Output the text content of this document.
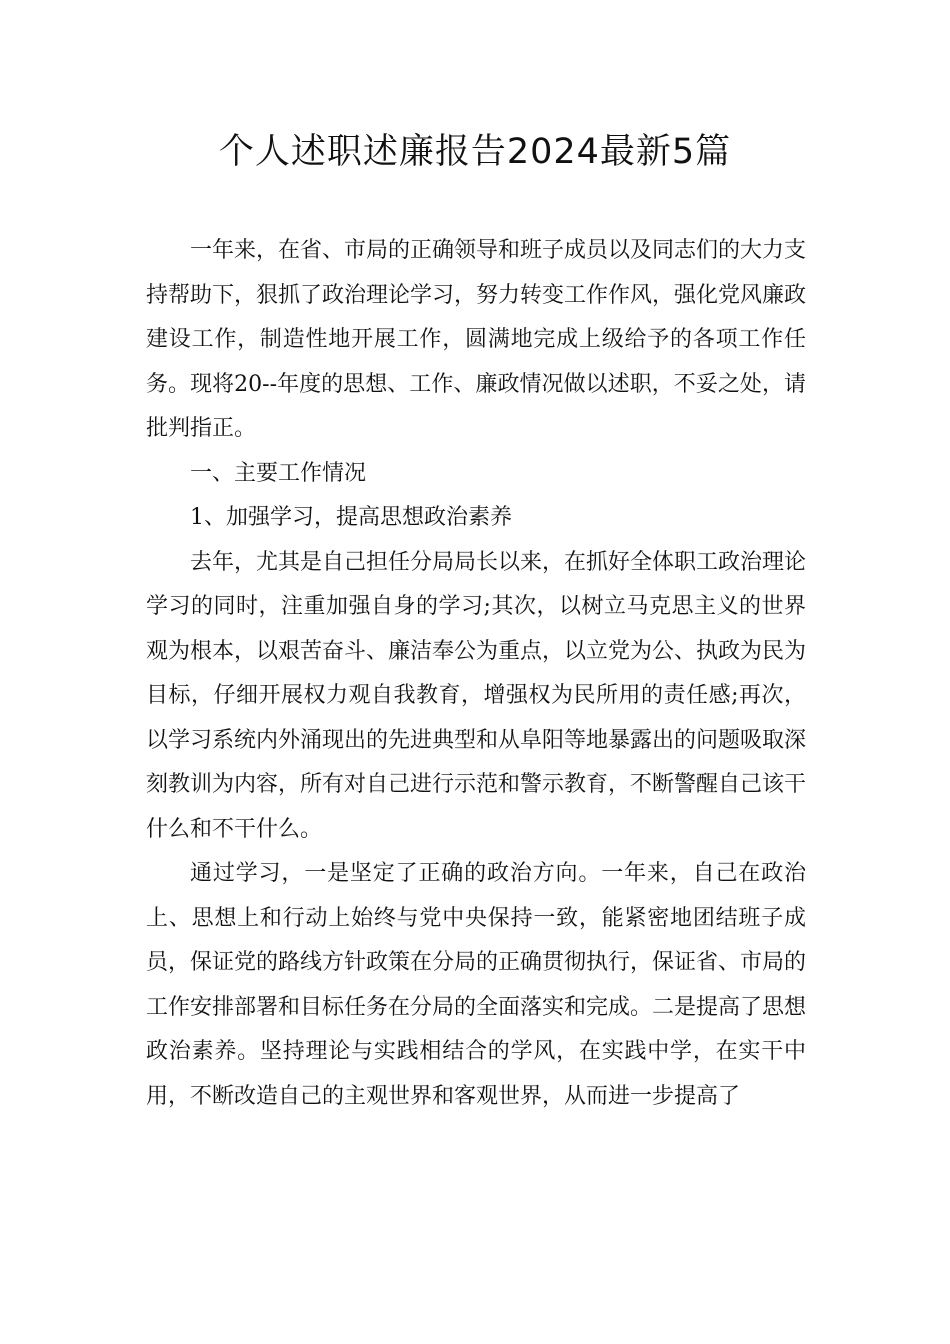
个人述职述廉报告2024最新5篇

一年来，在省、市局的正确领导和班子成员以及同志们的大力支持帮助下，狠抓了政治理论学习，努力转变工作作风，强化党风廉政建设工作，制造性地开展工作，圆满地完成上级给予的各项工作任务。现将20--年度的思想、工作、廉政情况做以述职，不妥之处，请批判指正。

一、主要工作情况

1、加强学习，提高思想政治素养

去年，尤其是自己担任分局局长以来，在抓好全体职工政治理论学习的同时，注重加强自身的学习;其次，以树立马克思主义的世界观为根本，以艰苦奋斗、廉洁奉公为重点，以立党为公、执政为民为目标，仔细开展权力观自我教育，增强权为民所用的责任感;再次，以学习系统内外涌现出的先进典型和从阜阳等地暴露出的问题吸取深刻教训为内容，所有对自己进行示范和警示教育，不断警醒自己该干什么和不干什么。

通过学习，一是坚定了正确的政治方向。一年来，自己在政治上、思想上和行动上始终与党中央保持一致，能紧密地团结班子成员，保证党的路线方针政策在分局的正确贯彻执行，保证省、市局的工作安排部署和目标任务在分局的全面落实和完成。二是提高了思想政治素养。坚持理论与实践相结合的学风，在实践中学，在实干中用，不断改造自己的主观世界和客观世界，从而进一步提高了
